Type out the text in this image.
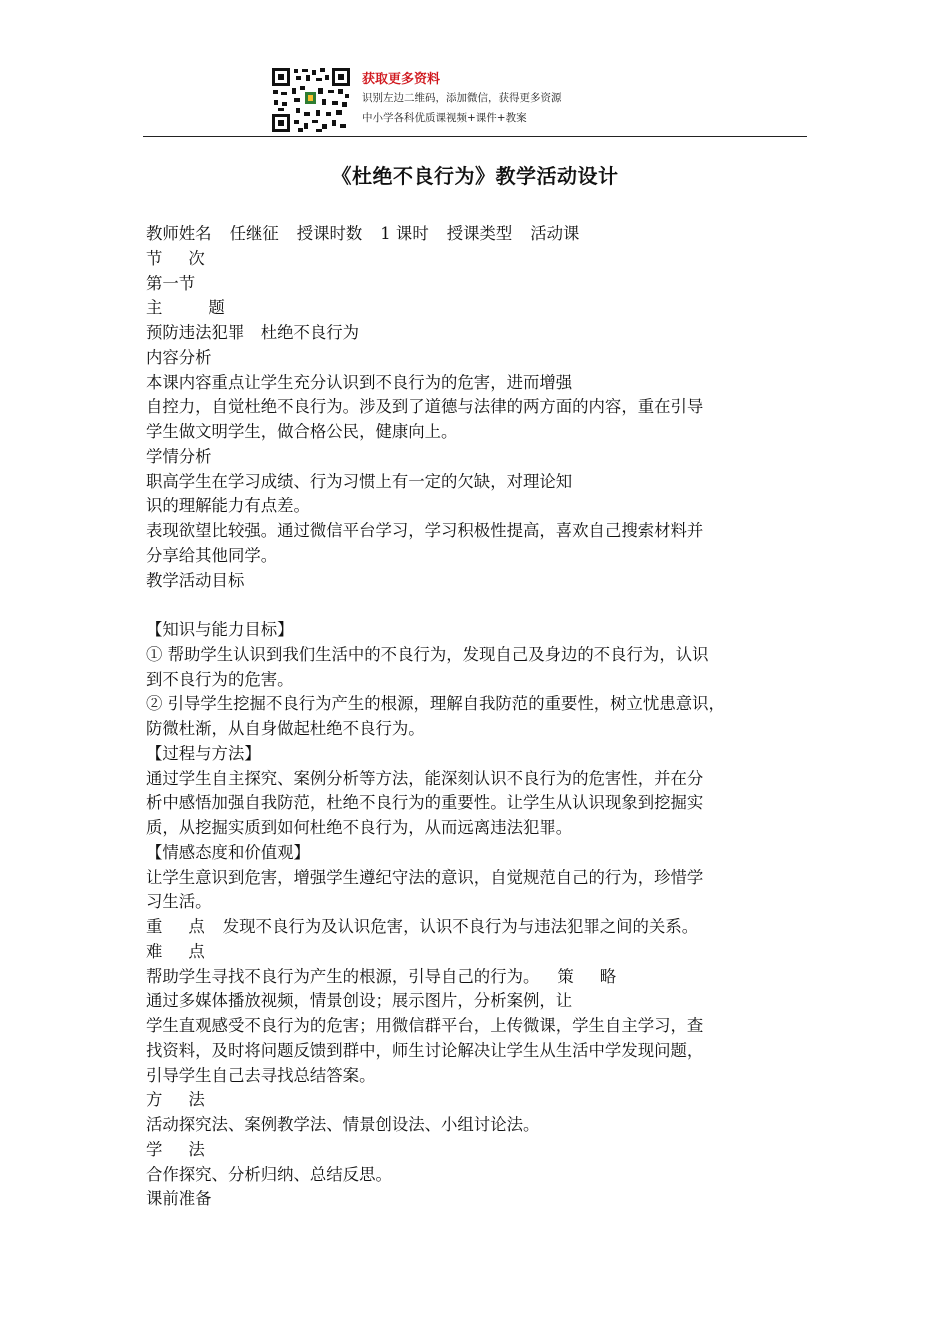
获取更多资料
识别左边二维码，添加微信，获得更多资源
中小学各科优质课视频+课件+教案
《杜绝不良行为》教学活动设计
教师姓名 任继征 授课时数 1 课时 授课类型 活动课
节 次
第一节
主	题
预防违法犯罪　杜绝不良行为
内容分析
本课内容重点让学生充分认识到不良行为的危害，进而增强
自控力，自觉杜绝不良行为。涉及到了道德与法律的两方面的内容，重在引导
学生做文明学生，做合格公民，健康向上。
学情分析
职高学生在学习成绩、行为习惯上有一定的欠缺，对理论知
识的理解能力有点差。
表现欲望比较强。通过微信平台学习，学习积极性提高，喜欢自己搜索材料并
分享给其他同学。
教学活动目标
【知识与能力目标】
① 帮助学生认识到我们生活中的不良行为，发现自己及身边的不良行为，认识
到不良行为的危害。
② 引导学生挖掘不良行为产生的根源，理解自我防范的重要性，树立忧患意识，
防微杜渐，从自身做起杜绝不良行为。
【过程与方法】
通过学生自主探究、案例分析等方法，能深刻认识不良行为的危害性，并在分
析中感悟加强自我防范，杜绝不良行为的重要性。让学生从认识现象到挖掘实
质，从挖掘实质到如何杜绝不良行为，从而远离违法犯罪。
【情感态度和价值观】
让学生意识到危害，增强学生遵纪守法的意识，自觉规范自己的行为，珍惜学
习生活。
重 点 发现不良行为及认识危害，认识不良行为与违法犯罪之间的关系。
难 点
帮助学生寻找不良行为产生的根源，引导自己的行为。 策 略
通过多媒体播放视频，情景创设；展示图片，分析案例，让
学生直观感受不良行为的危害；用微信群平台，上传微课，学生自主学习，查
找资料，及时将问题反馈到群中，师生讨论解决让学生从生活中学发现问题，
引导学生自己去寻找总结答案。
方 法
活动探究法、案例教学法、情景创设法、小组讨论法。
学 法
合作探究、分析归纳、总结反思。
课前准备
